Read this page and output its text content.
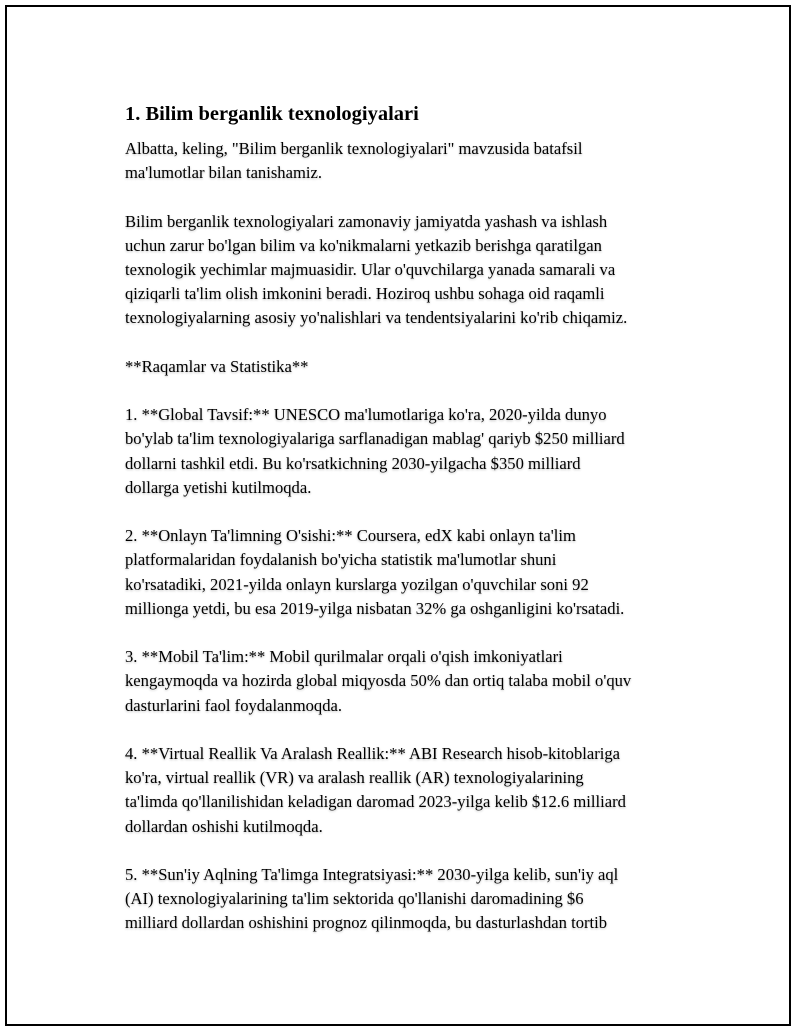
1. Bilim berganlik texnologiyalari

Albatta, keling, "Bilim berganlik texnologiyalari" mavzusida batafsil
ma'lumotlar bilan tanishamiz.

Bilim berganlik texnologiyalari zamonaviy jamiyatda yashash va ishlash
uchun zarur bo'lgan bilim va ko'nikmalarni yetkazib berishga qaratilgan
texnologik yechimlar majmuasidir. Ular o'quvchilarga yanada samarali va
qiziqarli ta'lim olish imkonini beradi. Hoziroq ushbu sohaga oid raqamli
texnologiyalarning asosiy yo'nalishlari va tendentsiyalarini ko'rib chiqamiz.

**Raqamlar va Statistika**

1. **Global Tavsif:** UNESCO ma'lumotlariga ko'ra, 2020-yilda dunyo
bo'ylab ta'lim texnologiyalariga sarflanadigan mablag' qariyb $250 milliard
dollarni tashkil etdi. Bu ko'rsatkichning 2030-yilgacha $350 milliard
dollarga yetishi kutilmoqda.

2. **Onlayn Ta'limning O'sishi:** Coursera, edX kabi onlayn ta'lim
platformalaridan foydalanish bo'yicha statistik ma'lumotlar shuni
ko'rsatadiki, 2021-yilda onlayn kurslarga yozilgan o'quvchilar soni 92
millionga yetdi, bu esa 2019-yilga nisbatan 32% ga oshganligini ko'rsatadi.

3. **Mobil Ta'lim:** Mobil qurilmalar orqali o'qish imkoniyatlari
kengaymoqda va hozirda global miqyosda 50% dan ortiq talaba mobil o'quv
dasturlarini faol foydalanmoqda.

4. **Virtual Reallik Va Aralash Reallik:** ABI Research hisob-kitoblariga
ko'ra, virtual reallik (VR) va aralash reallik (AR) texnologiyalarining
ta'limda qo'llanilishidan keladigan daromad 2023-yilga kelib $12.6 milliard
dollardan oshishi kutilmoqda.

5. **Sun'iy Aqlning Ta'limga Integratsiyasi:** 2030-yilga kelib, sun'iy aql
(AI) texnologiyalarining ta'lim sektorida qo'llanishi daromadining $6
milliard dollardan oshishini prognoz qilinmoqda, bu dasturlashdan tortib
